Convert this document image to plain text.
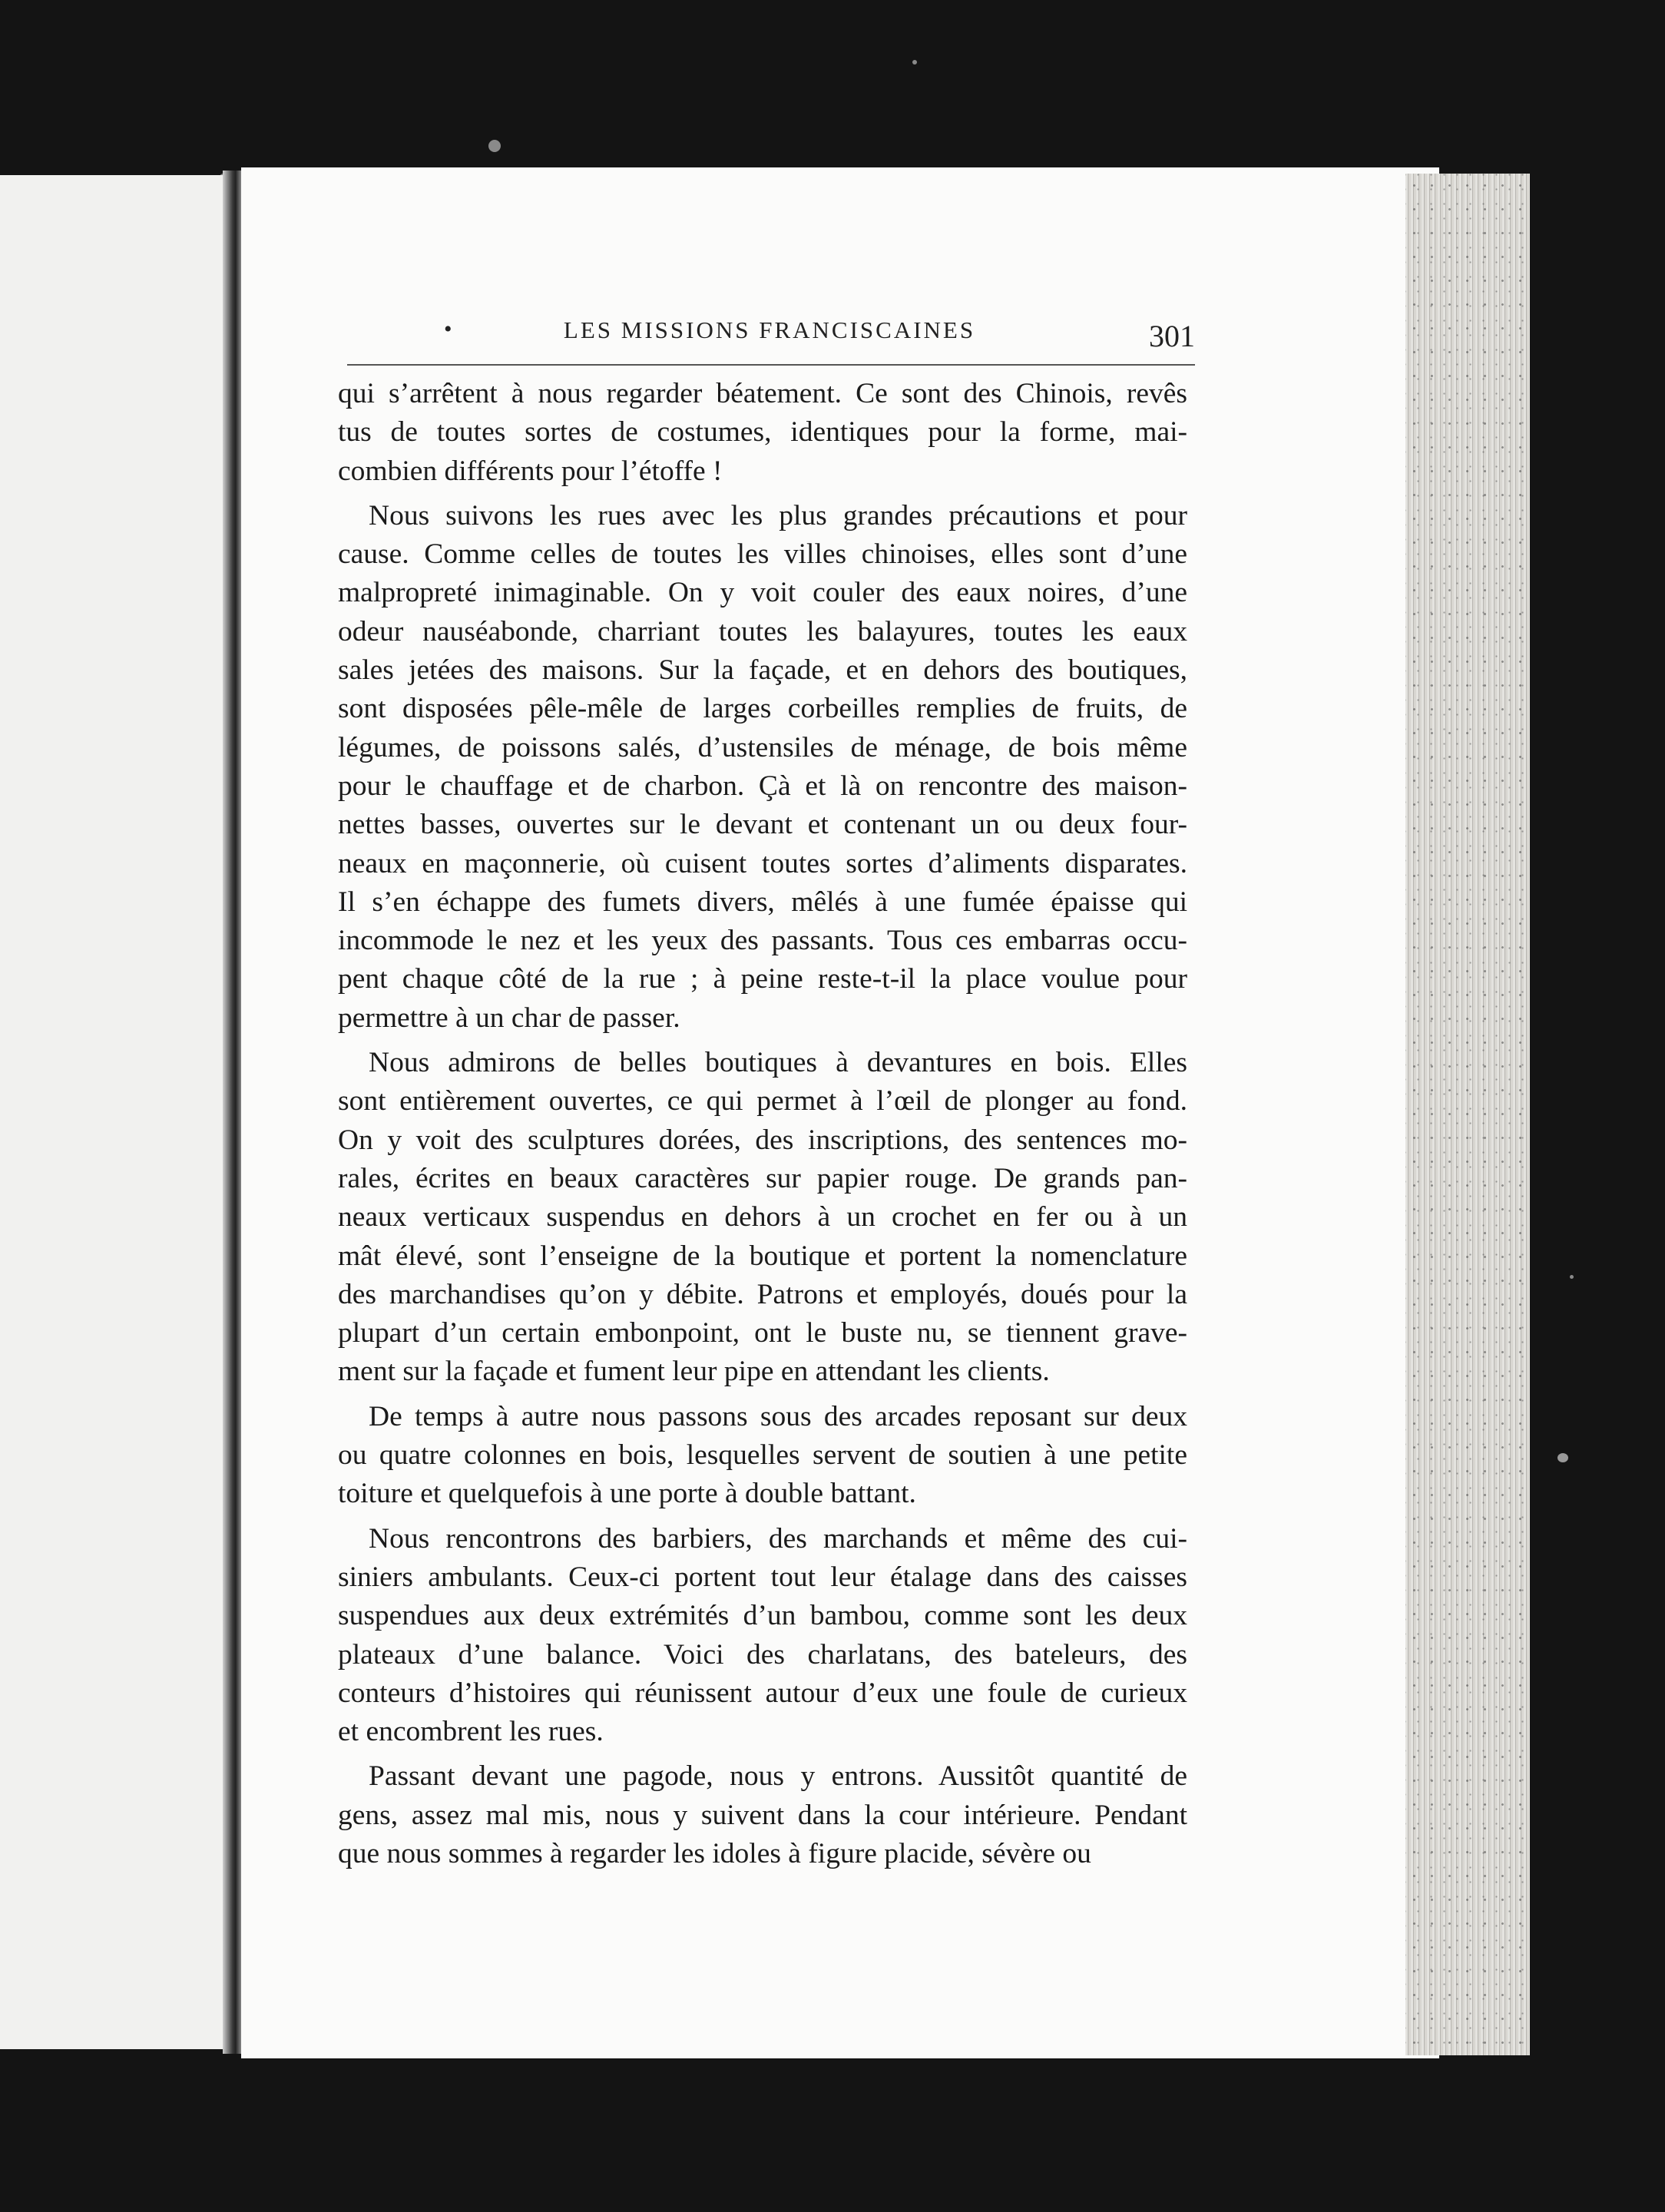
•	LES MISSIONS FRANCISCAINES	301
qui s’arrêtent à nous regarder béatement. Ce sont des Chinois, revês
tus de toutes sortes de costumes, identiques pour la forme, mai-
combien différents pour l’étoffe !
Nous suivons les rues avec les plus grandes précautions et pour
cause. Comme celles de toutes les villes chinoises, elles sont d’une
malpropreté inimaginable. On y voit couler des eaux noires, d’une
odeur nauséabonde, charriant toutes les balayures, toutes les eaux
sales jetées des maisons. Sur la façade, et en dehors des boutiques,
sont disposées pêle-mêle de larges corbeilles remplies de fruits, de
légumes, de poissons salés, d’ustensiles de ménage, de bois même
pour le chauffage et de charbon. Çà et là on rencontre des maison-
nettes basses, ouvertes sur le devant et contenant un ou deux four-
neaux en maçonnerie, où cuisent toutes sortes d’aliments disparates.
Il s’en échappe des fumets divers, mêlés à une fumée épaisse qui
incommode le nez et les yeux des passants. Tous ces embarras occu-
pent chaque côté de la rue ; à peine reste-t-il la place voulue pour
permettre à un char de passer.
Nous admirons de belles boutiques à devantures en bois. Elles
sont entièrement ouvertes, ce qui permet à l’œil de plonger au fond.
On y voit des sculptures dorées, des inscriptions, des sentences mo-
rales, écrites en beaux caractères sur papier rouge. De grands pan-
neaux verticaux suspendus en dehors à un crochet en fer ou à un
mât élevé, sont l’enseigne de la boutique et portent la nomenclature
des marchandises qu’on y débite. Patrons et employés, doués pour la
plupart d’un certain embonpoint, ont le buste nu, se tiennent grave-
ment sur la façade et fument leur pipe en attendant les clients.
De temps à autre nous passons sous des arcades reposant sur deux
ou quatre colonnes en bois, lesquelles servent de soutien à une petite
toiture et quelquefois à une porte à double battant.
Nous rencontrons des barbiers, des marchands et même des cui-
siniers ambulants. Ceux-ci portent tout leur étalage dans des caisses
suspendues aux deux extrémités d’un bambou, comme sont les deux
plateaux d’une balance. Voici des charlatans, des bateleurs, des
conteurs d’histoires qui réunissent autour d’eux une foule de curieux
et encombrent les rues.
Passant devant une pagode, nous y entrons. Aussitôt quantité de
gens, assez mal mis, nous y suivent dans la cour intérieure. Pendant
que nous sommes à regarder les idoles à figure placide, sévère ou
